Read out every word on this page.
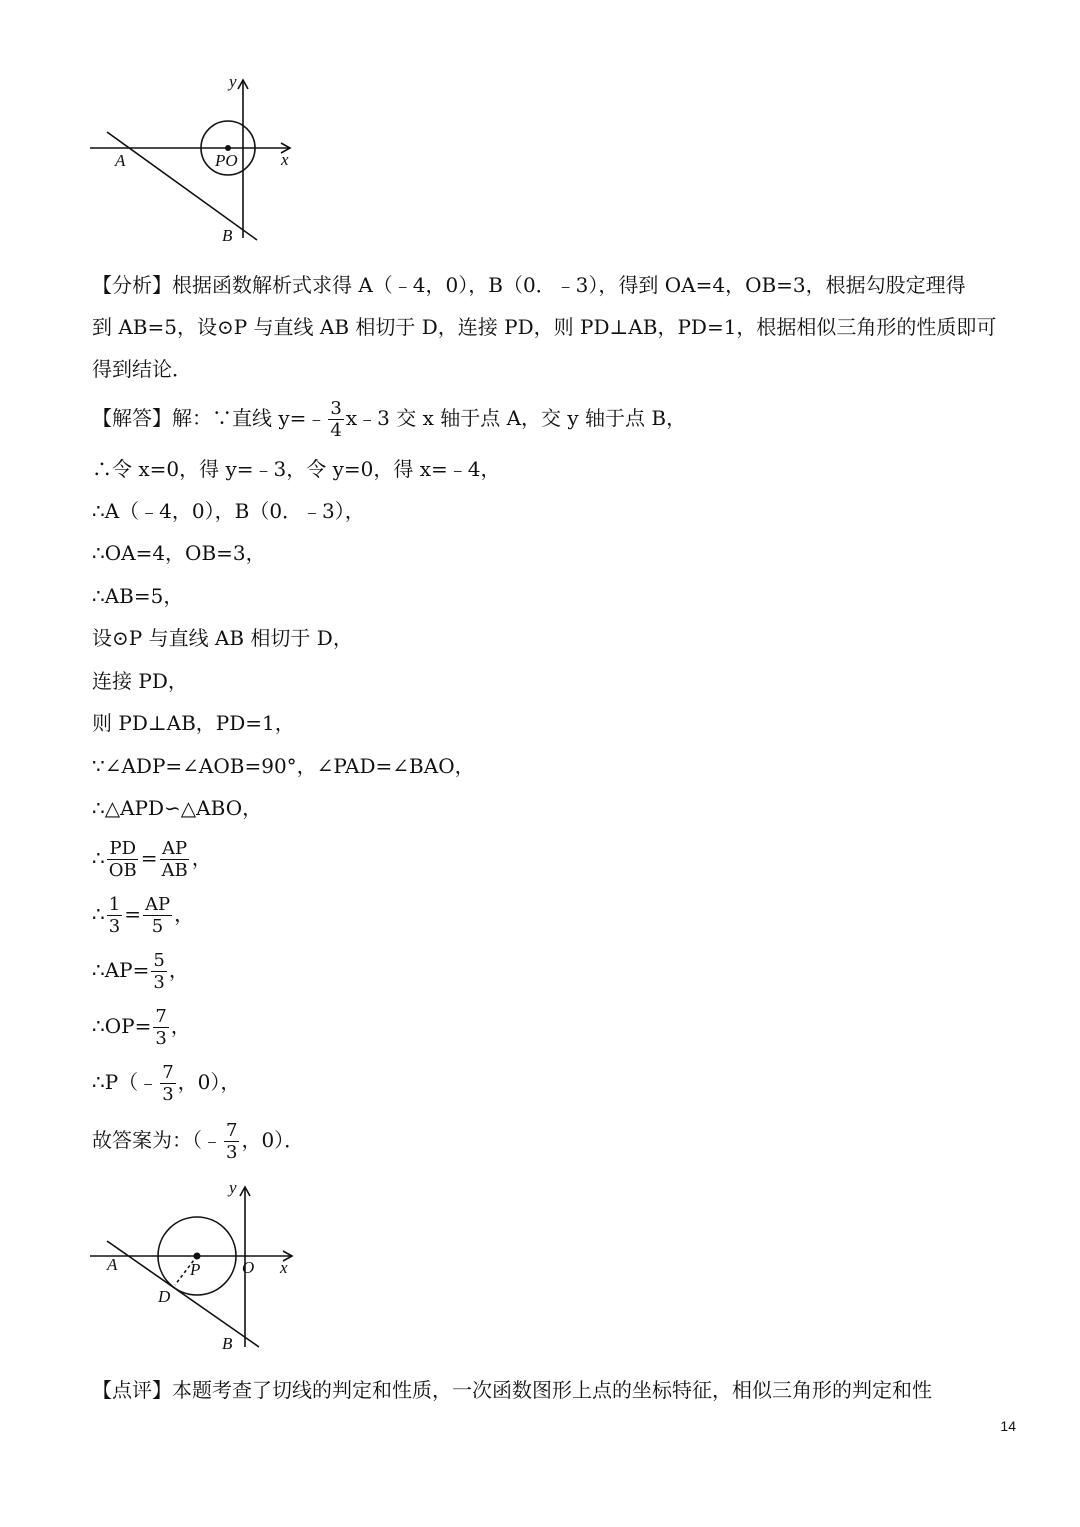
y
x
A	PO
B
【分析】根据函数解析式求得 A（﹣4，0），B（0．﹣3），得到 OA=4，OB=3，根据勾股定理得
到 AB=5，设⊙P 与直线 AB 相切于 D，连接 PD，则 PD⊥AB，PD=1，根据相似三角形的性质即可
得到结论．
【解答】解：∵直线 y=﹣ $\frac{3}{4}$ x﹣3 交 x 轴于点 A，交 y 轴于点 B，
∴令 x=0，得 y=﹣3，令 y=0，得 x=﹣4，
∴A（﹣4，0），B（0．﹣3），
∴OA=4，OB=3，
∴AB=5，
设⊙P 与直线 AB 相切于 D，
连接 PD，
则 PD⊥AB，PD=1，
∵∠ADP=∠AOB=90°，∠PAD=∠BAO，
∴△APD∽△ABO，
∴ $\frac{PD}{OB} = \frac{AP}{AB}$ ，
∴ $\frac{1}{3} = \frac{AP}{5}$ ，
∴AP= $\frac{5}{3}$ ，
∴OP= $\frac{7}{3}$ ，
∴P（﹣ $\frac{7}{3}$ ，0），
故答案为：（﹣ $\frac{7}{3}$ ，0）．
y
x
A	P O
D
B
【点评】本题考查了切线的判定和性质，一次函数图形上点的坐标特征，相似三角形的判定和性
14
